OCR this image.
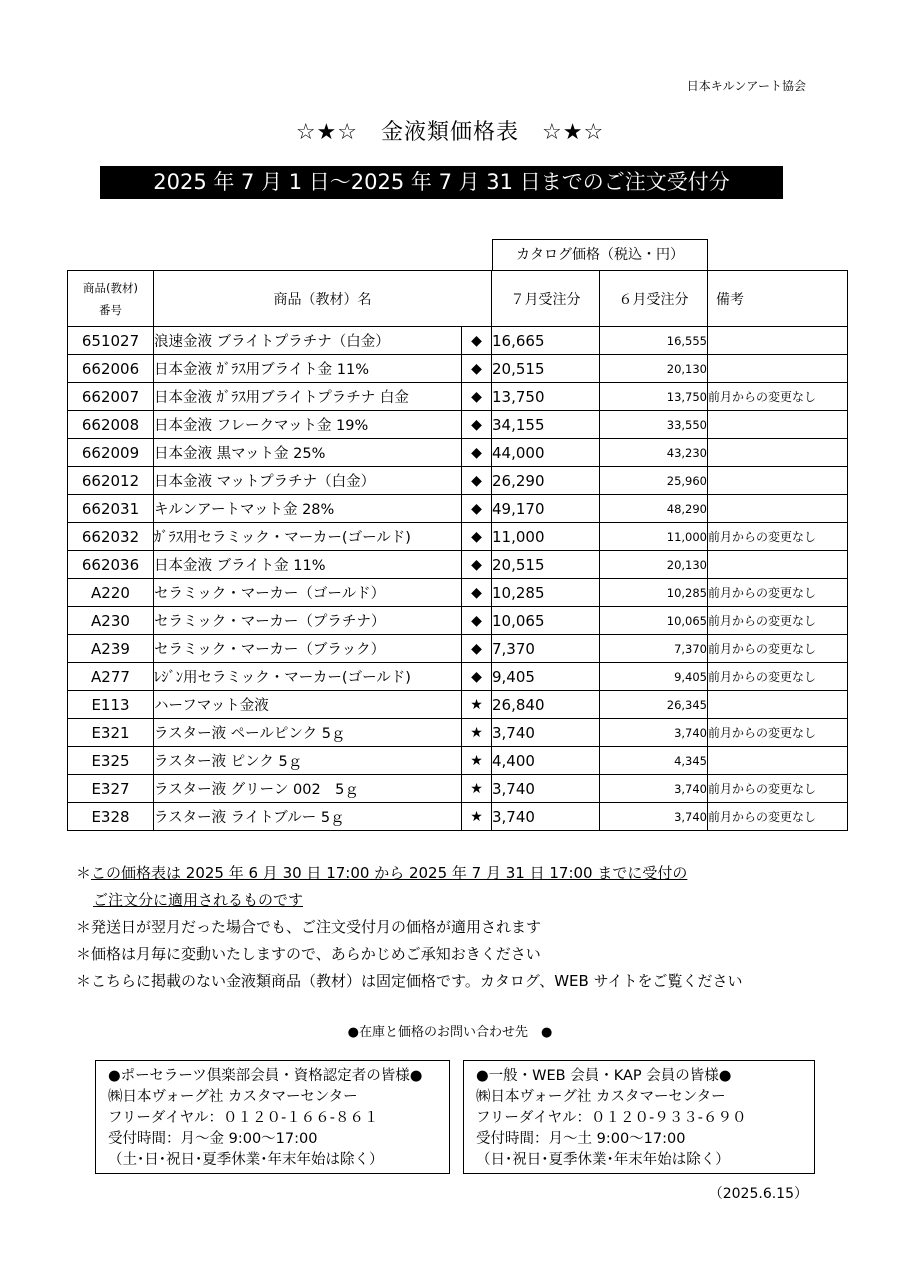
日本キルンアート協会
☆★☆　金液類価格表　☆★☆
2025 年 7 月 1 日～2025 年 7 月 31 日までのご注文受付分
カタログ価格（税込・円）
商品(教材)
番号	商品（教材）名		７月受注分	６月受注分	備考
651027	浪速金液 ブライトプラチナ（白金）	◆	16,665	16,555	
662006	日本金液 ｶﾞﾗｽ用ブライト金 11%	◆	20,515	20,130	
662007	日本金液 ｶﾞﾗｽ用ブライトプラチナ 白金	◆	13,750	13,750	前月からの変更なし
662008	日本金液 フレークマット金 19%	◆	34,155	33,550	
662009	日本金液 黒マット金 25%	◆	44,000	43,230	
662012	日本金液 マットプラチナ（白金）	◆	26,290	25,960	
662031	キルンアートマット金 28%	◆	49,170	48,290	
662032	ｶﾞﾗｽ用セラミック・マーカー(ゴールド)	◆	11,000	11,000	前月からの変更なし
662036	日本金液 ブライト金 11%	◆	20,515	20,130	
A220	セラミック・マーカー（ゴールド）	◆	10,285	10,285	前月からの変更なし
A230	セラミック・マーカー（プラチナ）	◆	10,065	10,065	前月からの変更なし
A239	セラミック・マーカー（ブラック）	◆	7,370	7,370	前月からの変更なし
A277	ﾚｼﾞﾝ用セラミック・マーカー(ゴールド)	◆	9,405	9,405	前月からの変更なし
E113	ハーフマット金液	★	26,840	26,345	
E321	ラスター液 ペールピンク 5ｇ	★	3,740	3,740	前月からの変更なし
E325	ラスター液 ピンク 5ｇ	★	4,400	4,345	
E327	ラスター液 グリーン 002　5ｇ	★	3,740	3,740	前月からの変更なし
E328	ラスター液 ライトブルー 5ｇ	★	3,740	3,740	前月からの変更なし
＊この価格表は 2025 年 6 月 30 日 17:00 から 2025 年 7 月 31 日 17:00 までに受付の
ご注文分に適用されるものです
＊発送日が翌月だった場合でも、ご注文受付月の価格が適用されます
＊価格は月毎に変動いたしますので、あらかじめご承知おきください
＊こちらに掲載のない金液類商品（教材）は固定価格です。カタログ、WEB サイトをご覧ください
●在庫と価格のお問い合わせ先　●
●ポーセラーツ倶楽部会員・資格認定者の皆様●
㈱日本ヴォーグ社 カスタマーセンター
フリーダイヤル：０１２０-１６６-８６１
受付時間：月～金 9:00～17:00
（土･日･祝日･夏季休業･年末年始は除く）
●一般・WEB 会員・KAP 会員の皆様●
㈱日本ヴォーグ社 カスタマーセンター
フリーダイヤル：０１２０-９３３-６９０
受付時間：月～土 9:00～17:00
（日･祝日･夏季休業･年末年始は除く）
（2025.6.15）
